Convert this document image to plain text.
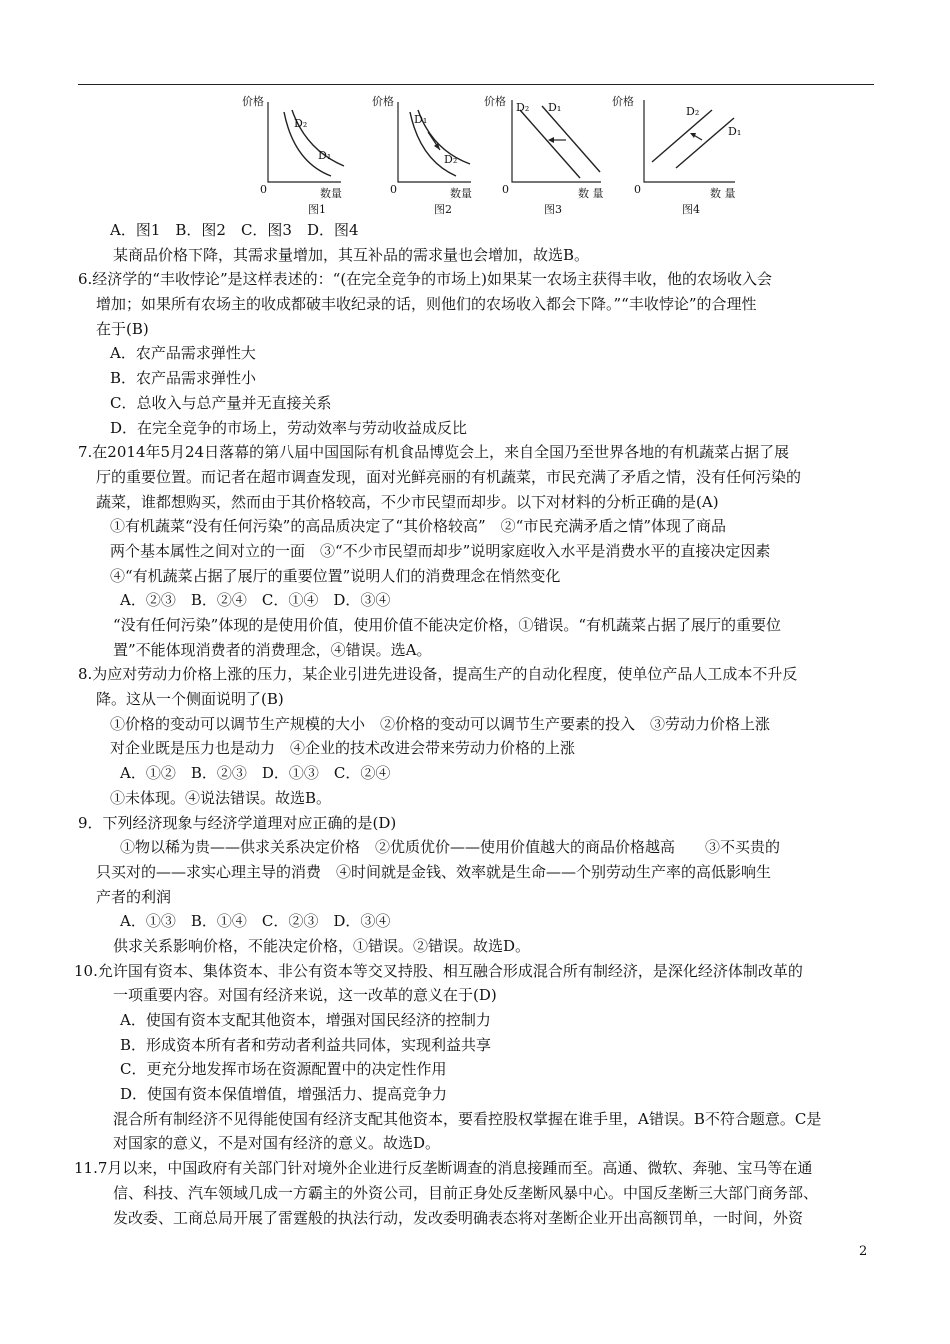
价格
D₂
D₁
0	数量
图1
价格
D₁
D₂
0	数量
图2
价格 D₂ D₁
0	数 量
图3
价格
D₂
D₁
0	数 量
图4
A．图1　B．图2　C．图3　D．图4
某商品价格下降，其需求量增加，其互补品的需求量也会增加，故选B。
6.经济学的“丰收悖论”是这样表述的：“(在完全竞争的市场上)如果某一农场主获得丰收，他的农场收入会
增加；如果所有农场主的收成都破丰收纪录的话，则他们的农场收入都会下降。”“丰收悖论”的合理性
在于(B)
A．农产品需求弹性大
B．农产品需求弹性小
C．总收入与总产量并无直接关系
D．在完全竞争的市场上，劳动效率与劳动收益成反比
7.在2014年5月24日落幕的第八届中国国际有机食品博览会上，来自全国乃至世界各地的有机蔬菜占据了展
厅的重要位置。而记者在超市调查发现，面对光鲜亮丽的有机蔬菜，市民充满了矛盾之情，没有任何污染的
蔬菜，谁都想购买，然而由于其价格较高，不少市民望而却步。以下对材料的分析正确的是(A)
①有机蔬菜“没有任何污染”的高品质决定了“其价格较高”　②“市民充满矛盾之情”体现了商品
两个基本属性之间对立的一面　③“不少市民望而却步”说明家庭收入水平是消费水平的直接决定因素
④“有机蔬菜占据了展厅的重要位置”说明人们的消费理念在悄然变化
A．②③　B．②④　C．①④　D．③④
“没有任何污染”体现的是使用价值，使用价值不能决定价格，①错误。“有机蔬菜占据了展厅的重要位
置”不能体现消费者的消费理念，④错误。选A。
8.为应对劳动力价格上涨的压力，某企业引进先进设备，提高生产的自动化程度，使单位产品人工成本不升反
降。这从一个侧面说明了(B)
①价格的变动可以调节生产规模的大小　②价格的变动可以调节生产要素的投入　③劳动力价格上涨
对企业既是压力也是动力　④企业的技术改进会带来劳动力价格的上涨
A．①②　B．②③　D．①③　C．②④
①未体现。④说法错误。故选B。
9．下列经济现象与经济学道理对应正确的是(D)
①物以稀为贵——供求关系决定价格　②优质优价——使用价值越大的商品价格越高　　③不买贵的
只买对的——求实心理主导的消费　④时间就是金钱、效率就是生命——个别劳动生产率的高低影响生
产者的利润
A．①③　B．①④　C．②③　D．③④
供求关系影响价格，不能决定价格，①错误。②错误。故选D。
10.允许国有资本、集体资本、非公有资本等交叉持股、相互融合形成混合所有制经济，是深化经济体制改革的
一项重要内容。对国有经济来说，这一改革的意义在于(D)
A．使国有资本支配其他资本，增强对国民经济的控制力
B．形成资本所有者和劳动者利益共同体，实现利益共享
C．更充分地发挥市场在资源配置中的决定性作用
D．使国有资本保值增值，增强活力、提高竞争力
混合所有制经济不见得能使国有经济支配其他资本，要看控股权掌握在谁手里，A错误。B不符合题意。C是
对国家的意义，不是对国有经济的意义。故选D。
11.7月以来，中国政府有关部门针对境外企业进行反垄断调查的消息接踵而至。高通、微软、奔驰、宝马等在通
信、科技、汽车领域几成一方霸主的外资公司，目前正身处反垄断风暴中心。中国反垄断三大部门商务部、
发改委、工商总局开展了雷霆般的执法行动，发改委明确表态将对垄断企业开出高额罚单，一时间，外资
2
